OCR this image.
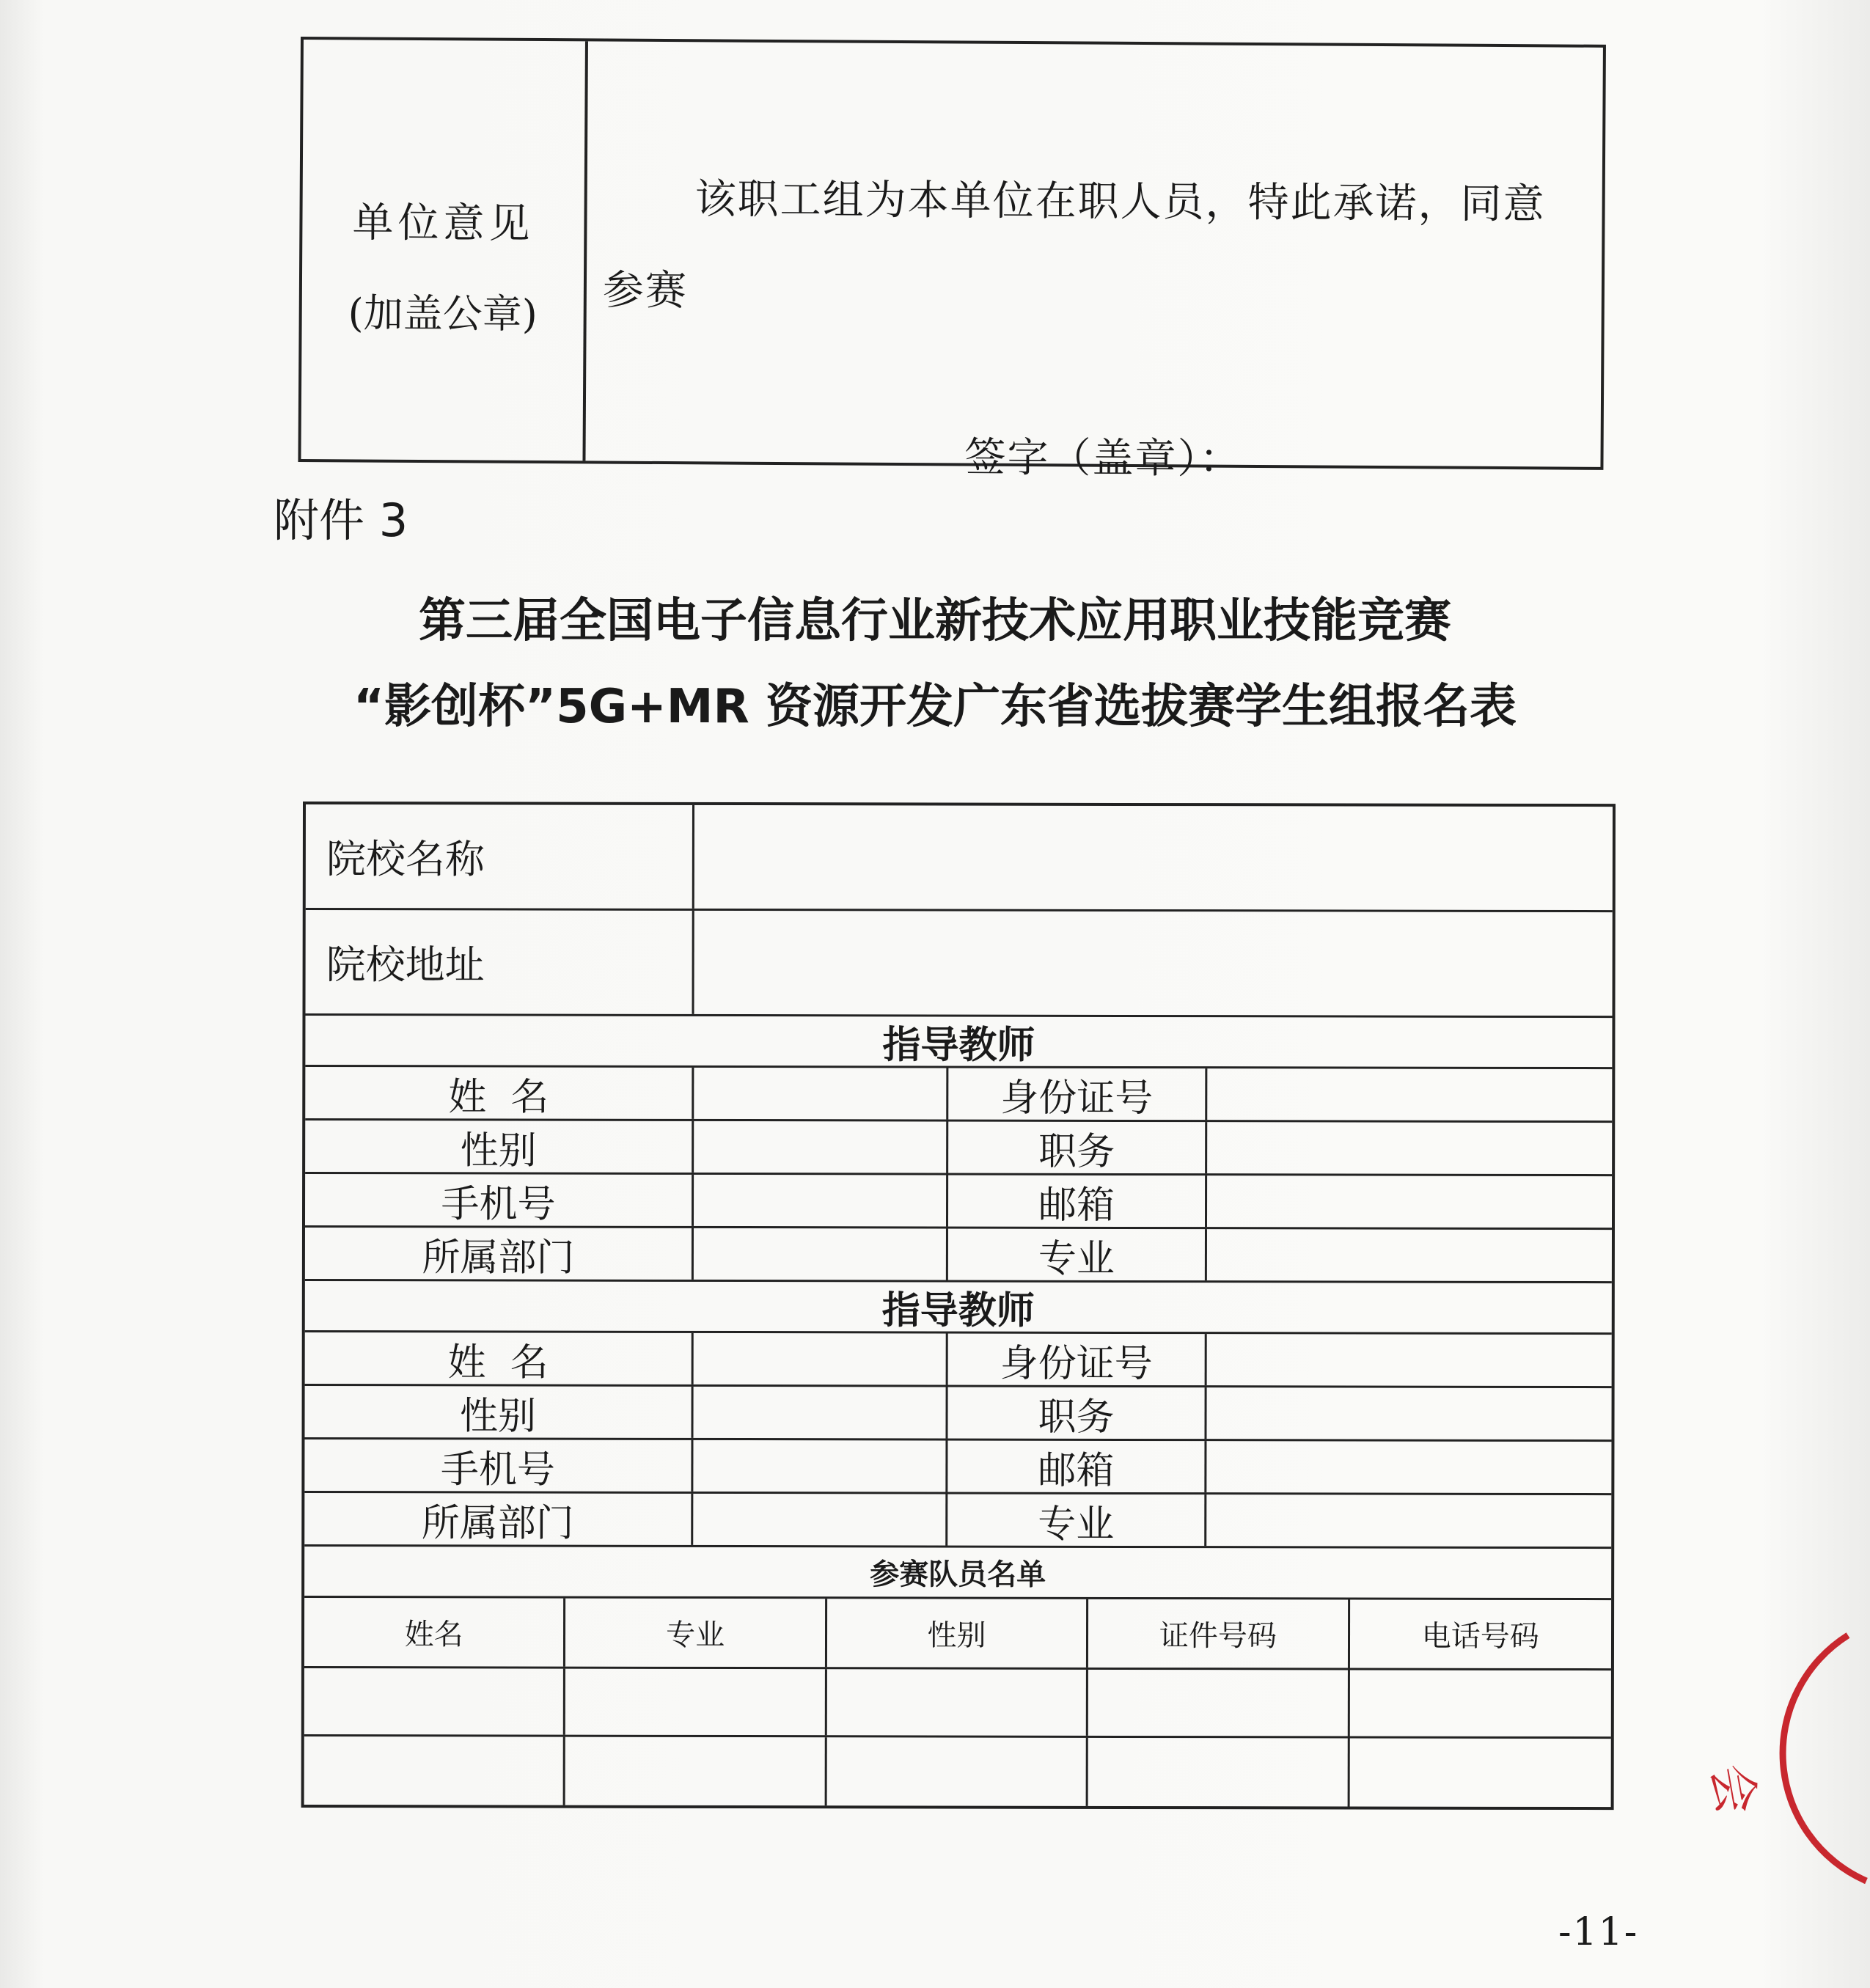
单位意见
(加盖公章)
该职工组为本单位在职人员，特此承诺，同意
参赛
签字（盖章）：
附件 3
第三届全国电子信息行业新技术应用职业技能竞赛
“影创杯”5G+MR 资源开发广东省选拔赛学生组报名表
院校名称
院校地址
指导教师
姓  名	身份证号
性别	职务
手机号	邮箱
所属部门	专业
指导教师
姓  名	身份证号
性别	职务
手机号	邮箱
所属部门	专业
参赛队员名单
姓名	专业	性别	证件号码	电话号码
会
-11-
